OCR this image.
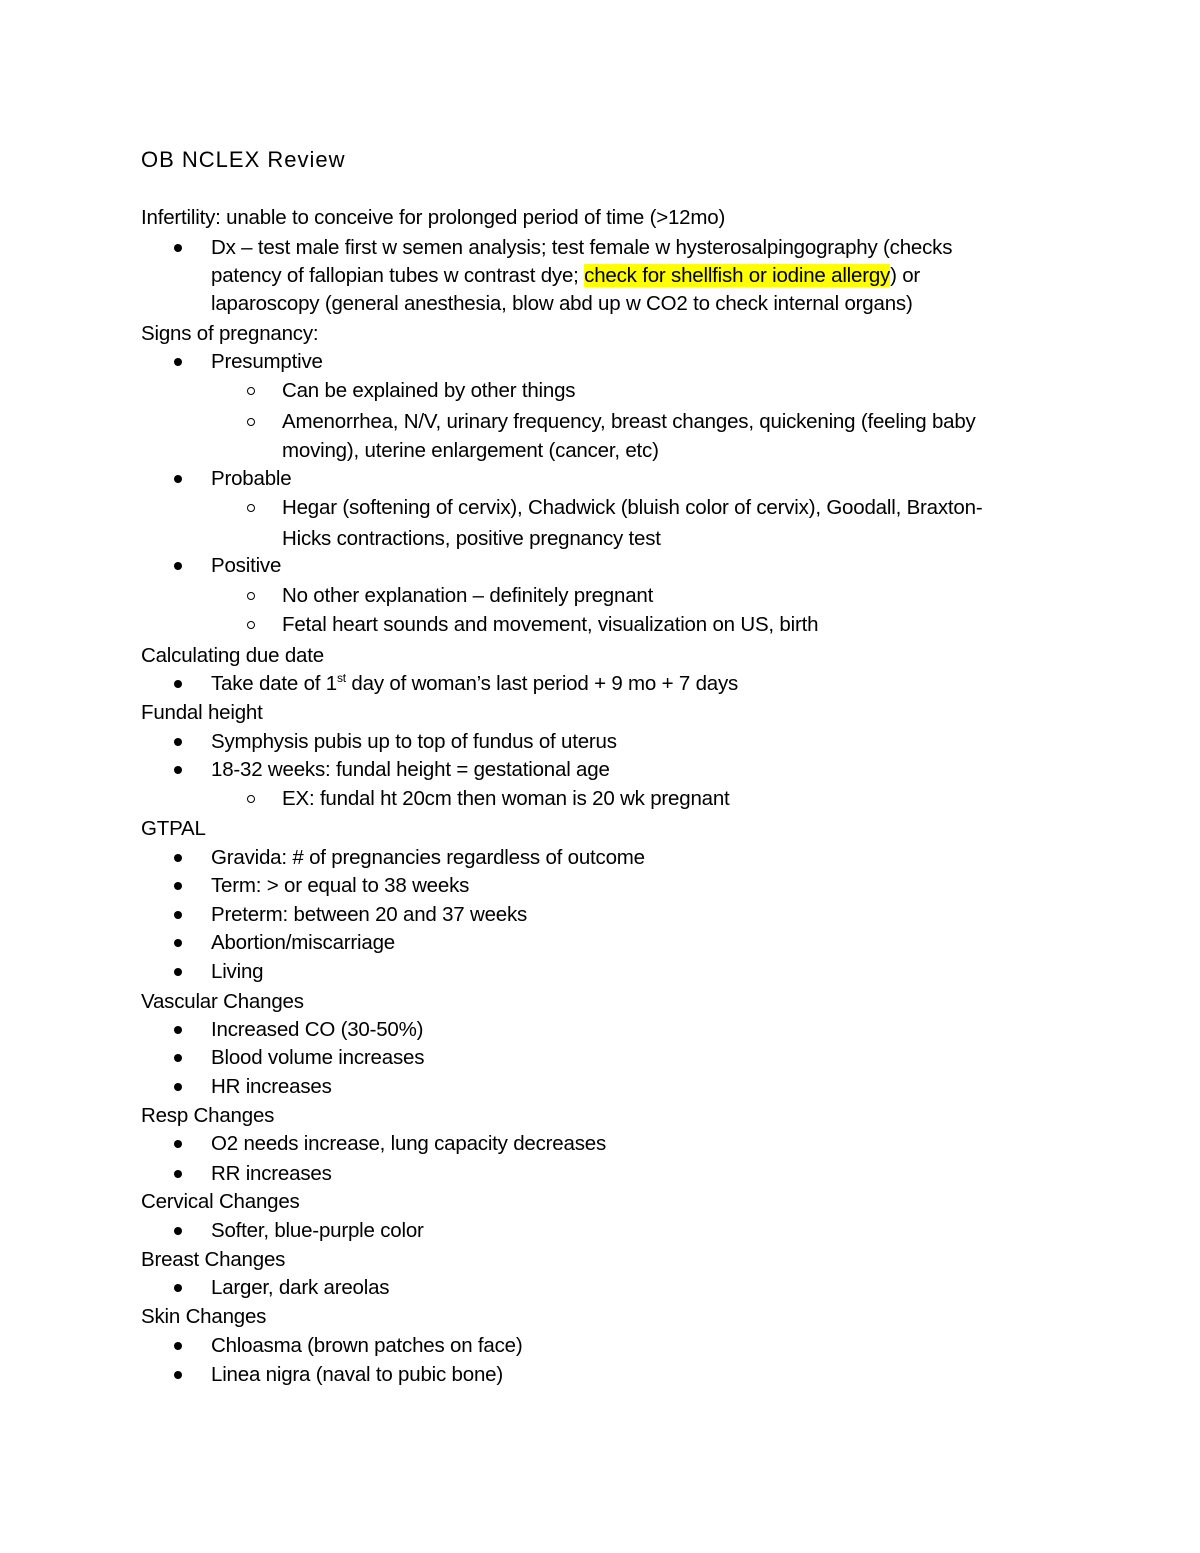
OB NCLEX Review
Infertility: unable to conceive for prolonged period of time (>12mo)
Dx – test male first w semen analysis; test female w hysterosalpingography (checks
patency of fallopian tubes w contrast dye; check for shellfish or iodine allergy) or
laparoscopy (general anesthesia, blow abd up w CO2 to check internal organs)
Signs of pregnancy:
Presumptive
Can be explained by other things
Amenorrhea, N/V, urinary frequency, breast changes, quickening (feeling baby
moving), uterine enlargement (cancer, etc)
Probable
Hegar (softening of cervix), Chadwick (bluish color of cervix), Goodall, Braxton-
Hicks contractions, positive pregnancy test
Positive
No other explanation – definitely pregnant
Fetal heart sounds and movement, visualization on US, birth
Calculating due date
Take date of 1st day of woman’s last period + 9 mo + 7 days
Fundal height
Symphysis pubis up to top of fundus of uterus
18-32 weeks: fundal height = gestational age
EX: fundal ht 20cm then woman is 20 wk pregnant
GTPAL
Gravida: # of pregnancies regardless of outcome
Term: > or equal to 38 weeks
Preterm: between 20 and 37 weeks
Abortion/miscarriage
Living
Vascular Changes
Increased CO (30-50%)
Blood volume increases
HR increases
Resp Changes
O2 needs increase, lung capacity decreases
RR increases
Cervical Changes
Softer, blue-purple color
Breast Changes
Larger, dark areolas
Skin Changes
Chloasma (brown patches on face)
Linea nigra (naval to pubic bone)
